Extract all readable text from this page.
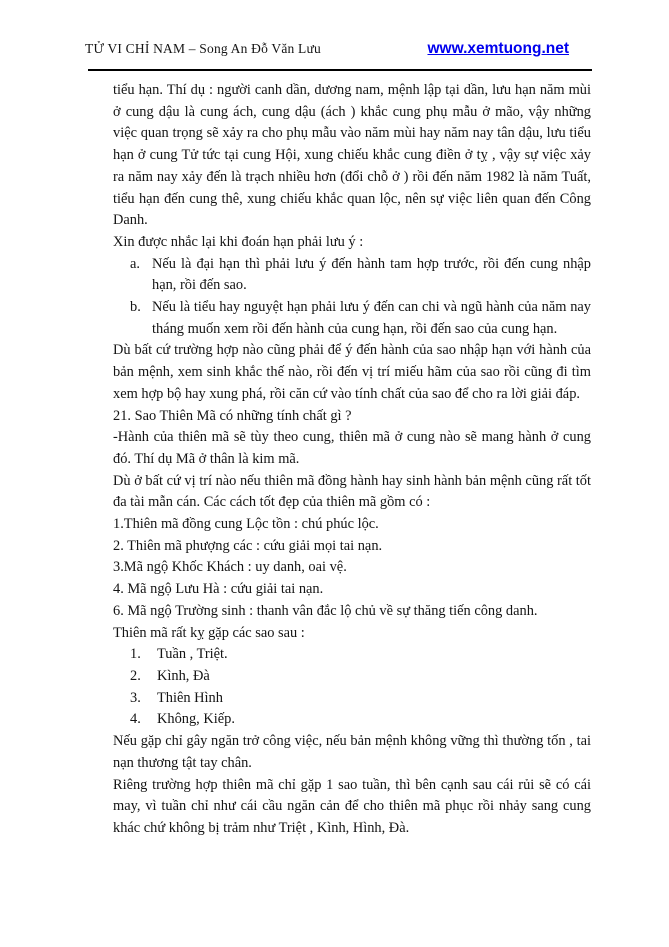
TỬ VI CHỈ NAM – Song An Đỗ Văn Lưu	www.xemtuong.net

tiểu hạn. Thí dụ : người canh dần, dương nam, mệnh lập tại dần, lưu hạn năm mùi ở cung dậu là cung ách, cung dậu (ách ) khắc cung phụ mẫu ở mão, vậy những việc quan trọng sẽ xảy ra cho phụ mẫu vào năm mùi hay năm nay tân dậu, lưu tiểu hạn ở cung Tử tức tại cung Hội, xung chiếu khắc cung điền ở tỵ , vậy sự việc xảy ra năm nay xảy đến là trạch nhiều hơn (đổi chỗ ở ) rồi đến năm 1982 là năm Tuất, tiểu hạn đến cung thê, xung chiếu khắc quan lộc, nên sự việc liên quan đến Công Danh.

Xin được nhắc lại khi đoán hạn phải lưu ý :

a. Nếu là đại hạn thì phải lưu ý đến hành tam hợp trước, rồi đến cung nhập hạn, rồi đến sao.

b. Nếu là tiểu hay nguyệt hạn phải lưu ý đến can chi và ngũ hành của năm nay tháng muốn xem rồi đến hành của cung hạn, rồi đến sao của cung hạn.

Dù bất cứ trường hợp nào cũng phải để ý đến hành của sao nhập hạn với hành của bản mệnh, xem sinh khắc thế nào, rồi đến vị trí miếu hãm của sao rồi cũng đi tìm xem hợp bộ hay xung phá, rồi căn cứ vào tính chất của sao để cho ra lời giải đáp.

21. Sao Thiên Mã có những tính chất gì ?

-Hành của thiên mã sẽ tùy theo cung, thiên mã ở cung nào sẽ mang hành ở cung đó. Thí dụ Mã ở thân là kim mã.

Dù ở bất cứ vị trí nào nếu thiên mã đồng hành hay sinh hành bản mệnh cũng rất tốt đa tài mẫn cán. Các cách tốt đẹp của thiên mã gồm có :

1.Thiên mã đồng cung Lộc tồn : chú phúc lộc.

2. Thiên mã phượng các : cứu giải mọi tai nạn.

3.Mã ngộ Khốc Khách : uy danh, oai vệ.

4. Mã ngộ Lưu Hà : cứu giải tai nạn.

6. Mã ngộ Trường sinh : thanh vân đắc lộ chủ về sự thăng tiến công danh.

Thiên mã rất kỵ gặp các sao sau :

1. Tuần , Triệt.

2. Kình, Đà

3. Thiên Hình

4. Không, Kiếp.

Nếu gặp chỉ gây ngăn trở công việc, nếu bản mệnh không vững thì thường tốn , tai nạn thương tật tay chân.

Riêng trường hợp thiên mã chỉ gặp 1 sao tuần, thì bên cạnh sau cái rủi sẽ có cái may, vì tuần chỉ như cái cầu ngăn cản để cho thiên mã phục rồi nhảy sang cung khác chứ không bị trảm như Triệt , Kình, Hình, Đà.
